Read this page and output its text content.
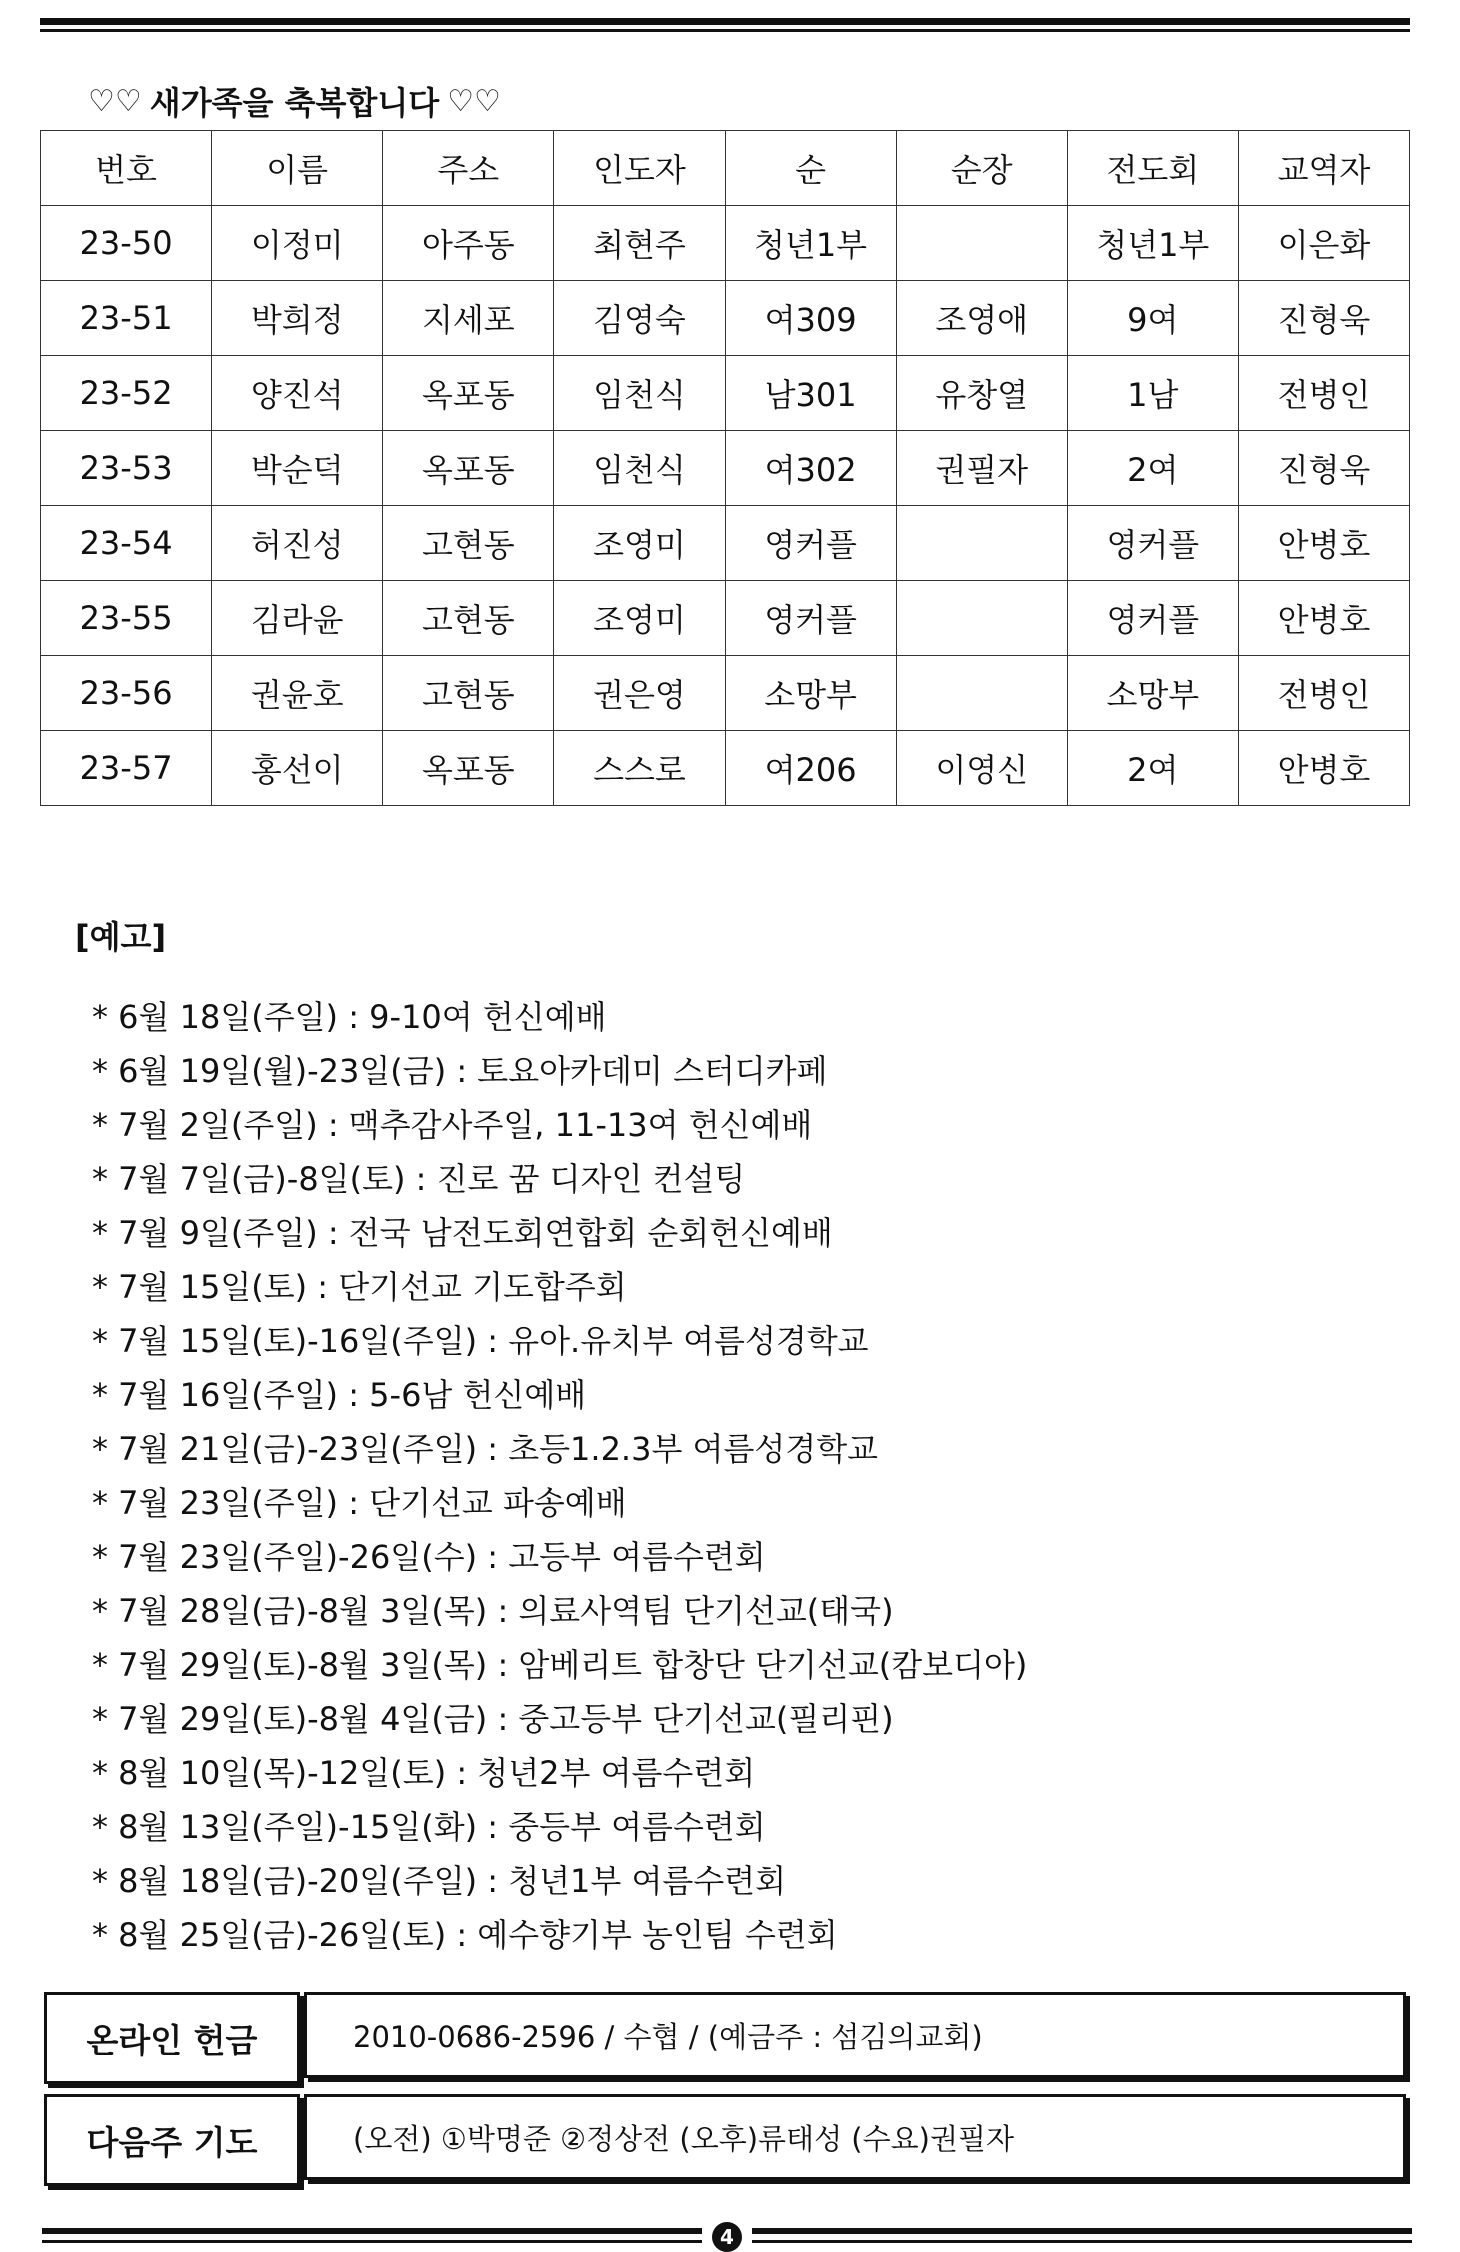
♡♡ 새가족을 축복합니다 ♡♡
번호	이름	주소	인도자	순	순장	전도회	교역자
23-50	이정미	아주동	최현주	청년1부		청년1부	이은화
23-51	박희정	지세포	김영숙	여309	조영애	9여	진형욱
23-52	양진석	옥포동	임천식	남301	유창열	1남	전병인
23-53	박순덕	옥포동	임천식	여302	권필자	2여	진형욱
23-54	허진성	고현동	조영미	영커플		영커플	안병호
23-55	김라윤	고현동	조영미	영커플		영커플	안병호
23-56	권윤호	고현동	권은영	소망부		소망부	전병인
23-57	홍선이	옥포동	스스로	여206	이영신	2여	안병호
[예고]
* 6월 18일(주일) : 9-10여 헌신예배
* 6월 19일(월)-23일(금) : 토요아카데미 스터디카페
* 7월 2일(주일) : 맥추감사주일, 11-13여 헌신예배
* 7월 7일(금)-8일(토) : 진로 꿈 디자인 컨설팅
* 7월 9일(주일) : 전국 남전도회연합회 순회헌신예배
* 7월 15일(토) : 단기선교 기도합주회
* 7월 15일(토)-16일(주일) : 유아.유치부 여름성경학교
* 7월 16일(주일) : 5-6남 헌신예배
* 7월 21일(금)-23일(주일) : 초등1.2.3부 여름성경학교
* 7월 23일(주일) : 단기선교 파송예배
* 7월 23일(주일)-26일(수) : 고등부 여름수련회
* 7월 28일(금)-8월 3일(목) : 의료사역팀 단기선교(태국)
* 7월 29일(토)-8월 3일(목) : 암베리트 합창단 단기선교(캄보디아)
* 7월 29일(토)-8월 4일(금) : 중고등부 단기선교(필리핀)
* 8월 10일(목)-12일(토) : 청년2부 여름수련회
* 8월 13일(주일)-15일(화) : 중등부 여름수련회
* 8월 18일(금)-20일(주일) : 청년1부 여름수련회
* 8월 25일(금)-26일(토) : 예수향기부 농인팀 수련회
온라인 헌금	2010-0686-2596 / 수협 / (예금주 : 섬김의교회)
다음주 기도	(오전) ①박명준 ②정상전 (오후)류태성 (수요)권필자
4
